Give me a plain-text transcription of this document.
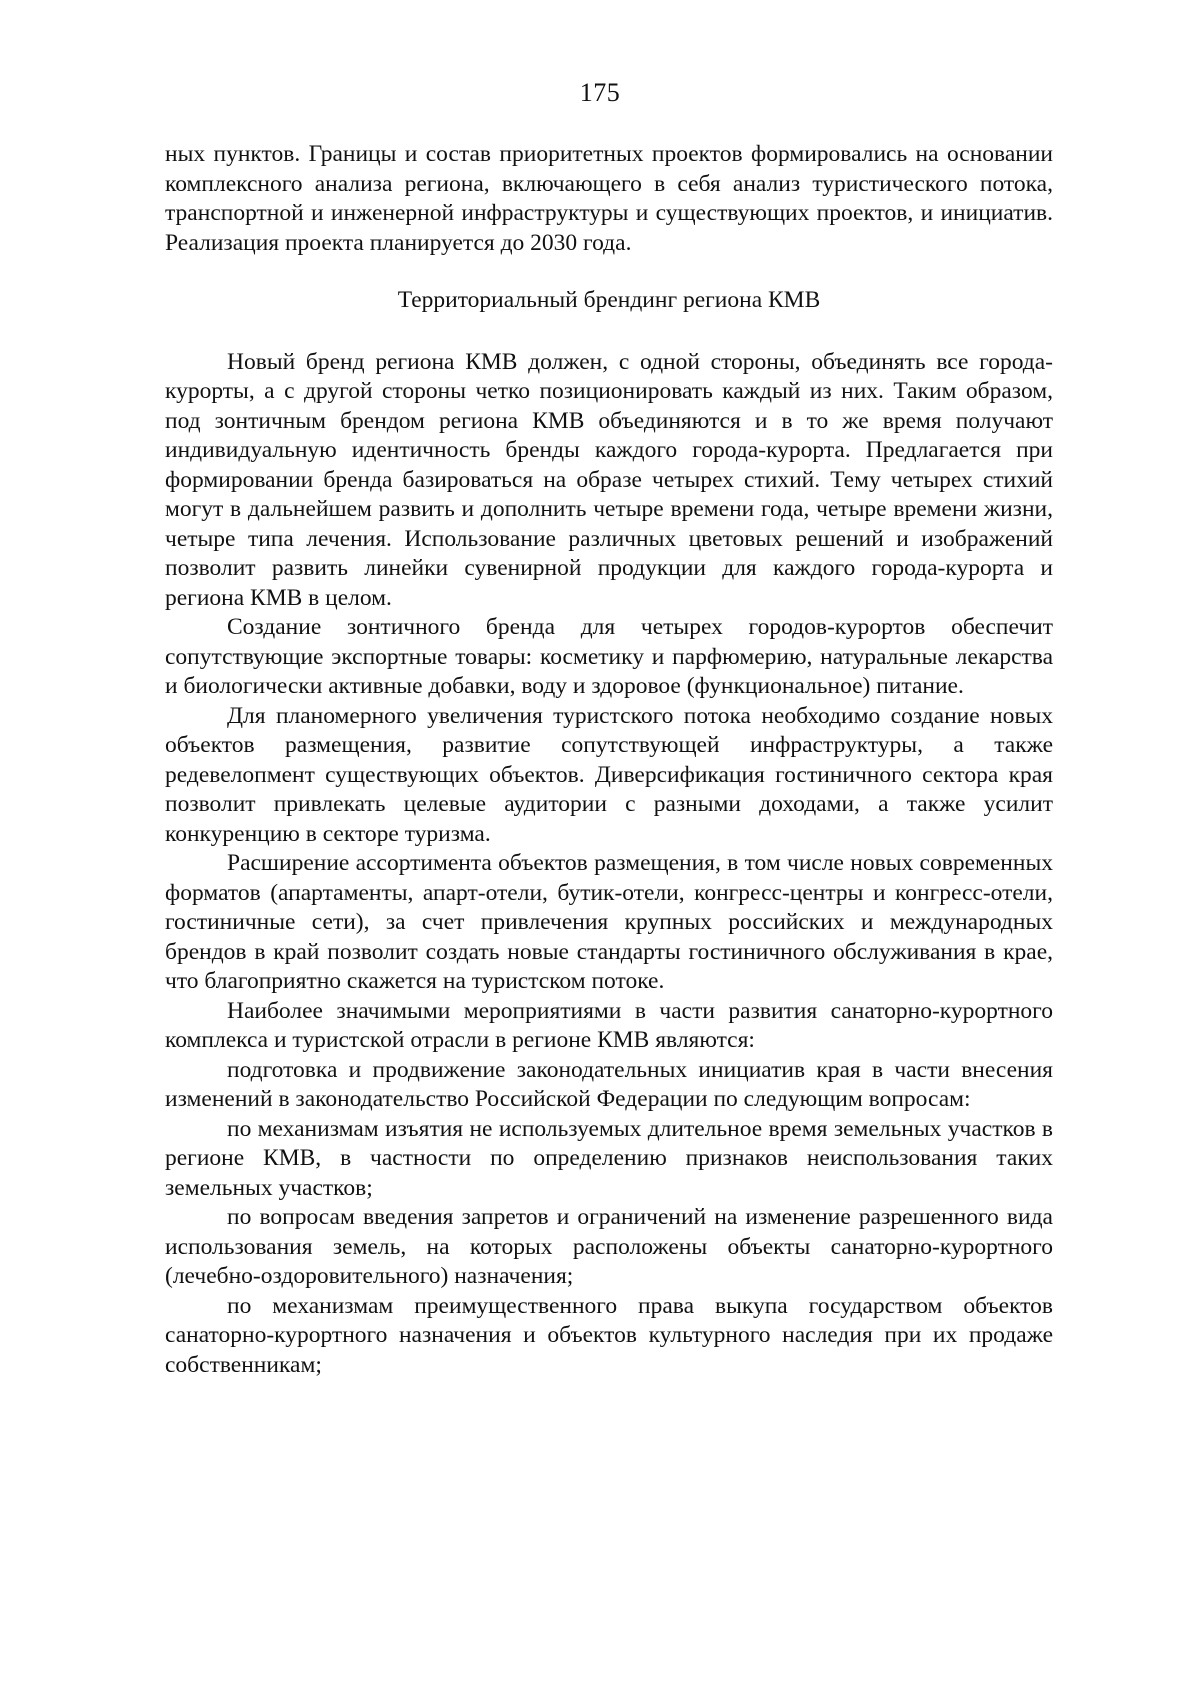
175

ных пунктов. Границы и состав приоритетных проектов формировались на основании комплексного анализа региона, включающего в себя анализ туристического потока, транспортной и инженерной инфраструктуры и существующих проектов, и инициатив. Реализация проекта планируется до 2030 года.

Территориальный брендинг региона КМВ

Новый бренд региона КМВ должен, с одной стороны, объединять все города-курорты, а с другой стороны четко позиционировать каждый из них. Таким образом, под зонтичным брендом региона КМВ объединяются и в то же время получают индивидуальную идентичность бренды каждого города-курорта. Предлагается при формировании бренда базироваться на образе четырех стихий. Тему четырех стихий могут в дальнейшем развить и дополнить четыре времени года, четыре времени жизни, четыре типа лечения. Использование различных цветовых решений и изображений позволит развить линейки сувенирной продукции для каждого города-курорта и региона КМВ в целом.

Создание зонтичного бренда для четырех городов-курортов обеспечит сопутствующие экспортные товары: косметику и парфюмерию, натуральные лекарства и биологически активные добавки, воду и здоровое (функциональное) питание.

Для планомерного увеличения туристского потока необходимо создание новых объектов размещения, развитие сопутствующей инфраструктуры, а также редевелопмент существующих объектов. Диверсификация гостиничного сектора края позволит привлекать целевые аудитории с разными доходами, а также усилит конкуренцию в секторе туризма.

Расширение ассортимента объектов размещения, в том числе новых современных форматов (апартаменты, апарт-отели, бутик-отели, конгресс-центры и конгресс-отели, гостиничные сети), за счет привлечения крупных российских и международных брендов в край позволит создать новые стандарты гостиничного обслуживания в крае, что благоприятно скажется на туристском потоке.

Наиболее значимыми мероприятиями в части развития санаторно-курортного комплекса и туристской отрасли в регионе КМВ являются:

подготовка и продвижение законодательных инициатив края в части внесения изменений в законодательство Российской Федерации по следующим вопросам:

по механизмам изъятия не используемых длительное время земельных участков в регионе КМВ, в частности по определению признаков неиспользования таких земельных участков;

по вопросам введения запретов и ограничений на изменение разрешенного вида использования земель, на которых расположены объекты санаторно-курортного (лечебно-оздоровительного) назначения;

по механизмам преимущественного права выкупа государством объектов санаторно-курортного назначения и объектов культурного наследия при их продаже собственникам;
